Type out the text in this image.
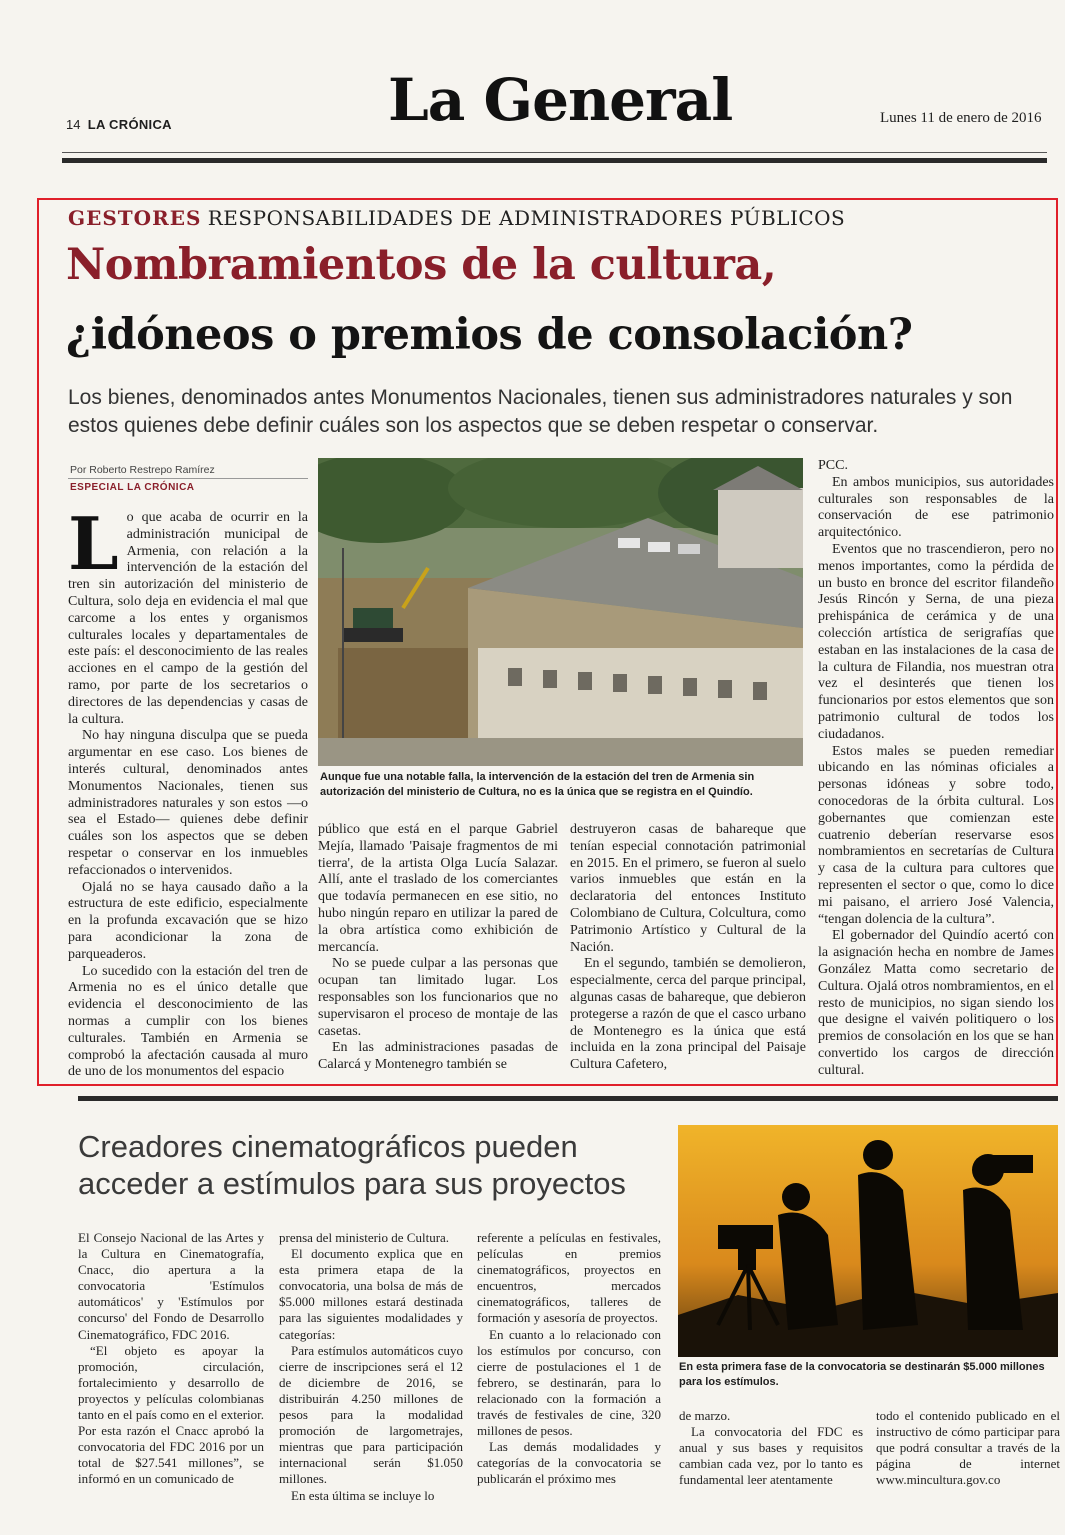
14 LA CRÓNICA	La General	Lunes 11 de enero de 2016
GESTORES RESPONSABILIDADES DE ADMINISTRADORES PÚBLICOS
Nombramientos de la cultura,
¿idóneos o premios de consolación?
Los bienes, denominados antes Monumentos Nacionales, tienen sus administradores naturales y son estos quienes debe definir cuáles son los aspectos que se deben respetar o conservar.
Por Roberto Restrepo Ramírez
ESPECIAL LA CRÓNICA

Lo que acaba de ocurrir en la administración municipal de Armenia, con relación a la intervención de la estación del tren sin autorización del ministerio de Cultura, solo deja en evidencia el mal que carcome a los entes y organismos culturales locales y departamentales de este país: el desconocimiento de las reales acciones en el campo de la gestión del ramo, por parte de los secretarios o directores de las dependencias y casas de la cultura.

No hay ninguna disculpa que se pueda argumentar en ese caso. Los bienes de interés cultural, denominados antes Monumentos Nacionales, tienen sus administradores naturales y son estos —o sea el Estado— quienes debe definir cuáles son los aspectos que se deben respetar o conservar en los inmuebles refaccionados o intervenidos.

Ojalá no se haya causado daño a la estructura de este edificio, especialmente en la profunda excavación que se hizo para acondicionar la zona de parqueaderos.

Lo sucedido con la estación del tren de Armenia no es el único detalle que evidencia el desconocimiento de las normas a cumplir con los bienes culturales. También en Armenia se comprobó la afectación causada al muro de uno de los monumentos del espacio

Aunque fue una notable falla, la intervención de la estación del tren de Armenia sin autorización del ministerio de Cultura, no es la única que se registra en el Quindío.

público que está en el parque Gabriel Mejía, llamado 'Paisaje fragmentos de mi tierra', de la artista Olga Lucía Salazar. Allí, ante el traslado de los comerciantes que todavía permanecen en ese sitio, no hubo ningún reparo en utilizar la pared de la obra artística como exhibición de mercancía.

No se puede culpar a las personas que ocupan tan limitado lugar. Los responsables son los funcionarios que no supervisaron el proceso de montaje de las casetas.

En las administraciones pasadas de Calarcá y Montenegro también se

destruyeron casas de bahareque que tenían especial connotación patrimonial en 2015. En el primero, se fueron al suelo varios inmuebles que están en la declaratoria del entonces Instituto Colombiano de Cultura, Colcultura, como Patrimonio Artístico y Cultural de la Nación.

En el segundo, también se demolieron, especialmente, cerca del parque principal, algunas casas de bahareque, que debieron protegerse a razón de que el casco urbano de Montenegro es la única que está incluida en la zona principal del Paisaje Cultura Cafetero,

PCC.

En ambos municipios, sus autoridades culturales son responsables de la conservación de ese patrimonio arquitectónico.

Eventos que no trascendieron, pero no menos importantes, como la pérdida de un busto en bronce del escritor filandeño Jesús Rincón y Serna, de una pieza prehispánica de cerámica y de una colección artística de serigrafías que estaban en las instalaciones de la casa de la cultura de Filandia, nos muestran otra vez el desinterés que tienen los funcionarios por estos elementos que son patrimonio cultural de todos los ciudadanos.

Estos males se pueden remediar ubicando en las nóminas oficiales a personas idóneas y sobre todo, conocedoras de la órbita cultural. Los gobernantes que comienzan este cuatrenio deberían reservarse esos nombramientos en secretarías de Cultura y casa de la cultura para cultores que representen el sector o que, como lo dice mi paisano, el arriero José Valencia, “tengan dolencia de la cultura”.

El gobernador del Quindío acertó con la asignación hecha en nombre de James González Matta como secretario de Cultura. Ojalá otros nombramientos, en el resto de municipios, no sigan siendo los que designe el vaivén politiquero o los premios de consolación en los que se han convertido los cargos de dirección cultural.

Creadores cinematográficos pueden acceder a estímulos para sus proyectos
En esta primera fase de la convocatoria se destinarán $5.000 millones para los estímulos.

El Consejo Nacional de las Artes y la Cultura en Cinematografía, Cnacc, dio apertura a la convocatoria 'Estímulos automáticos' y 'Estímulos por concurso' del Fondo de Desarrollo Cinematográfico, FDC 2016.

“El objeto es apoyar la promoción, circulación, fortalecimiento y desarrollo de proyectos y películas colombianas tanto en el país como en el exterior. Por esta razón el Cnacc aprobó la convocatoria del FDC 2016 por un total de $27.541 millones”, se informó en un comunicado de

prensa del ministerio de Cultura.

El documento explica que en esta primera etapa de la convocatoria, una bolsa de más de $5.000 millones estará destinada para las siguientes modalidades y categorías:

Para estímulos automáticos cuyo cierre de inscripciones será el 12 de diciembre de 2016, se distribuirán 4.250 millones de pesos para la modalidad promoción de largometrajes, mientras que para participación internacional serán $1.050 millones.

En esta última se incluye lo

referente a películas en festivales, películas en premios cinematográficos, proyectos en encuentros, mercados cinematográficos, talleres de formación y asesoría de proyectos.

En cuanto a lo relacionado con los estímulos por concurso, con cierre de postulaciones el 1 de febrero, se destinarán, para lo relacionado con la formación a través de festivales de cine, 320 millones de pesos.

Las demás modalidades y categorías de la convocatoria se publicarán el próximo mes

de marzo.

La convocatoria del FDC es anual y sus bases y requisitos cambian cada vez, por lo tanto es fundamental leer atentamente

todo el contenido publicado en el instructivo de cómo participar para que podrá consultar a través de la página de internet www.mincultura.gov.co
